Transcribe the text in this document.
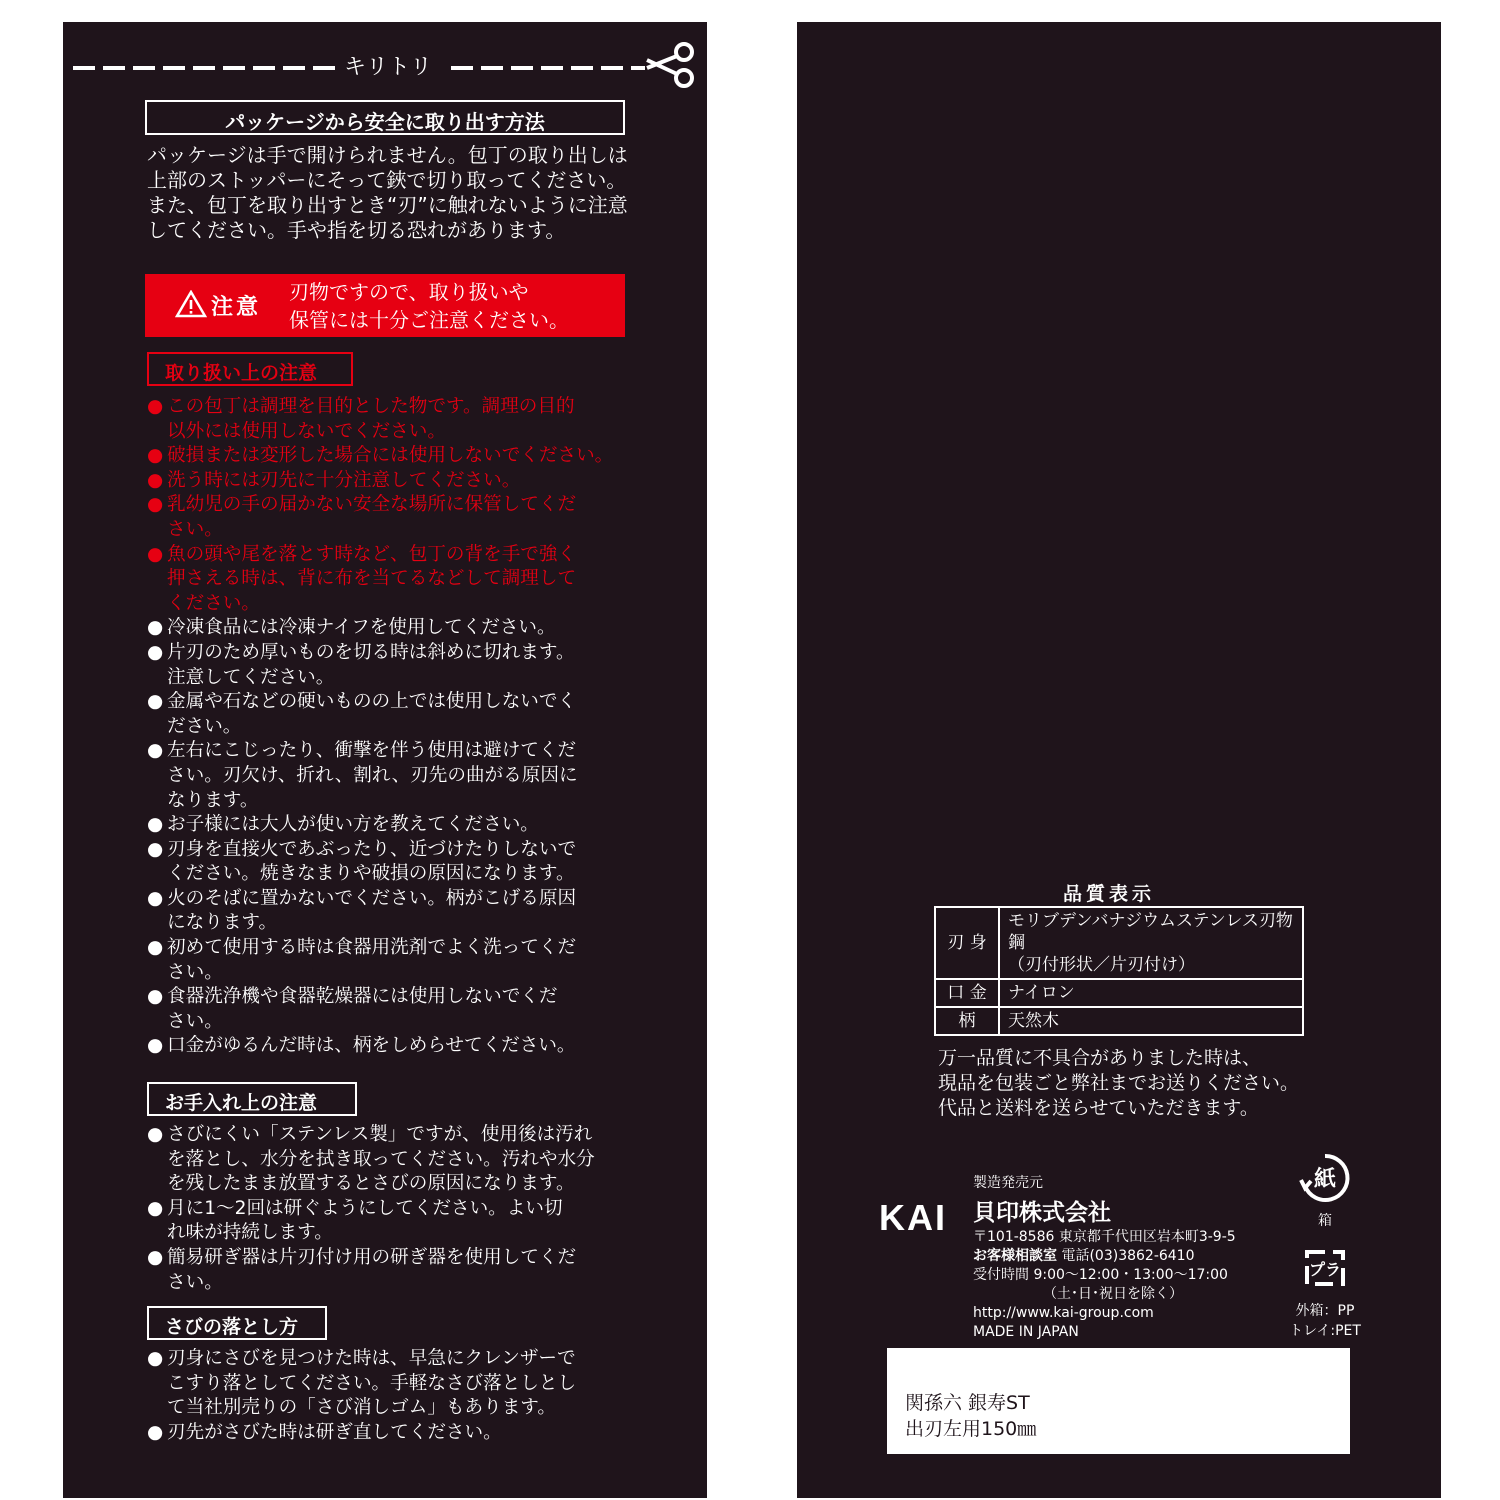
キリトリ
パッケージから安全に取り出す方法
パッケージは手で開けられません。包丁の取り出しは
上部のストッパーにそって鋏で切り取ってください。
また、包丁を取り出すとき“刃”に触れないように注意
してください。手や指を切る恐れがあります。
注意
刃物ですので、取り扱いや
保管には十分ご注意ください。
取り扱い上の注意
● この包丁は調理を目的とした物です。調理の目的
以外には使用しないでください。
● 破損または変形した場合には使用しないでください。
● 洗う時には刃先に十分注意してください。
● 乳幼児の手の届かない安全な場所に保管してくだ
さい。
● 魚の頭や尾を落とす時など、包丁の背を手で強く
押さえる時は、背に布を当てるなどして調理して
ください。
● 冷凍食品には冷凍ナイフを使用してください。
● 片刃のため厚いものを切る時は斜めに切れます。
注意してください。
● 金属や石などの硬いものの上では使用しないでく
ださい。
● 左右にこじったり、衝撃を伴う使用は避けてくだ
さい。刃欠け、折れ、割れ、刃先の曲がる原因に
なります。
● お子様には大人が使い方を教えてください。
● 刃身を直接火であぶったり、近づけたりしないで
ください。焼きなまりや破損の原因になります。
● 火のそばに置かないでください。柄がこげる原因
になります。
● 初めて使用する時は食器用洗剤でよく洗ってくだ
さい。
● 食器洗浄機や食器乾燥器には使用しないでくだ
さい。
● 口金がゆるんだ時は、柄をしめらせてください。
お手入れ上の注意
● さびにくい「ステンレス製」ですが、使用後は汚れ
を落とし、水分を拭き取ってください。汚れや水分
を残したまま放置するとさびの原因になります。
● 月に1～2回は研ぐようにしてください。よい切
れ味が持続します。
● 簡易研ぎ器は片刃付け用の研ぎ器を使用してくだ
さい。
さびの落とし方
● 刃身にさびを見つけた時は、早急にクレンザーで
こすり落としてください。手軽なさび落としとし
て当社別売りの「さび消しゴム」もあります。
● 刃先がさびた時は研ぎ直してください。
品質表示
刃 身	モリブデンバナジウムステンレス刃物鋼
（刃付形状／片刃付け）

口 金	ナイロン
柄	天然木
万一品質に不具合がありました時は、
現品を包装ごと弊社までお送りください。
代品と送料を送らせていただきます。
製造発売元
KAI 貝印株式会社
〒101-8586 東京都千代田区岩本町3-9-5
お客様相談室 電話(03)3862-6410
受付時間 9:00〜12:00・13:00〜17:00
（土･日･祝日を除く）
http://www.kai-group.com
MADE IN JAPAN
紙
箱
プラ
外箱：PP
トレイ:PET
関孫六 銀寿ST
出刃左用150㎜
